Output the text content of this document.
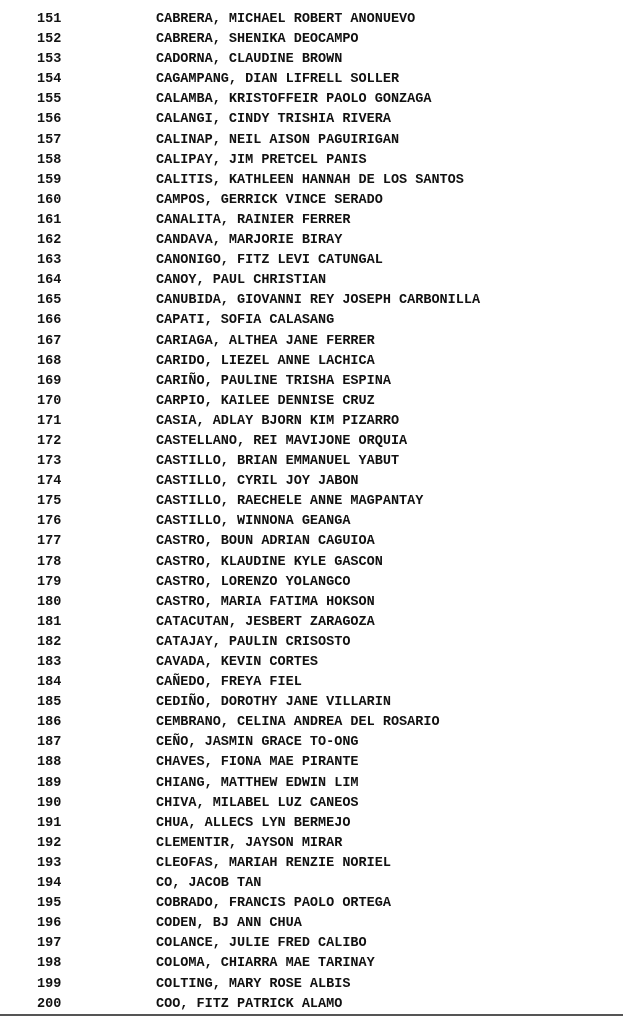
151	CABRERA, MICHAEL ROBERT ANONUEVO
152	CABRERA, SHENIKA DEOCAMPO
153	CADORNA, CLAUDINE BROWN
154	CAGAMPANG, DIAN LIFRELL SOLLER
155	CALAMBA, KRISTOFFEIR PAOLO GONZAGA
156	CALANGI, CINDY TRISHIA RIVERA
157	CALINAP, NEIL AISON PAGUIRIGAN
158	CALIPAY, JIM PRETCEL PANIS
159	CALITIS, KATHLEEN HANNAH DE LOS SANTOS
160	CAMPOS, GERRICK VINCE SERADO
161	CANALITA, RAINIER FERRER
162	CANDAVA, MARJORIE BIRAY
163	CANONIGO, FITZ LEVI CATUNGAL
164	CANOY, PAUL CHRISTIAN
165	CANUBIDA, GIOVANNI REY JOSEPH CARBONILLA
166	CAPATI, SOFIA CALASANG
167	CARIAGA, ALTHEA JANE FERRER
168	CARIDO, LIEZEL ANNE LACHICA
169	CARIÑO, PAULINE TRISHA ESPINA
170	CARPIO, KAILEE DENNISE CRUZ
171	CASIA, ADLAY BJORN KIM PIZARRO
172	CASTELLANO, REI MAVIJONE ORQUIA
173	CASTILLO, BRIAN EMMANUEL YABUT
174	CASTILLO, CYRIL JOY JABON
175	CASTILLO, RAECHELE ANNE MAGPANTAY
176	CASTILLO, WINNONA GEANGA
177	CASTRO, BOUN ADRIAN CAGUIOA
178	CASTRO, KLAUDINE KYLE GASCON
179	CASTRO, LORENZO YOLANGCO
180	CASTRO, MARIA FATIMA HOKSON
181	CATACUTAN, JESBERT ZARAGOZA
182	CATAJAY, PAULIN CRISOSTO
183	CAVADA, KEVIN CORTES
184	CAÑEDO, FREYA FIEL
185	CEDIÑO, DOROTHY JANE VILLARIN
186	CEMBRANO, CELINA ANDREA DEL ROSARIO
187	CEÑO, JASMIN GRACE TO-ONG
188	CHAVES, FIONA MAE PIRANTE
189	CHIANG, MATTHEW EDWIN LIM
190	CHIVA, MILABEL LUZ CANEOS
191	CHUA, ALLECS LYN BERMEJO
192	CLEMENTIR, JAYSON MIRAR
193	CLEOFAS, MARIAH RENZIE NORIEL
194	CO, JACOB TAN
195	COBRADO, FRANCIS PAOLO ORTEGA
196	CODEN, BJ ANN CHUA
197	COLANCE, JULIE FRED CALIBO
198	COLOMA, CHIARRA MAE TARINAY
199	COLTING, MARY ROSE ALBIS
200	COO, FITZ PATRICK ALAMO
